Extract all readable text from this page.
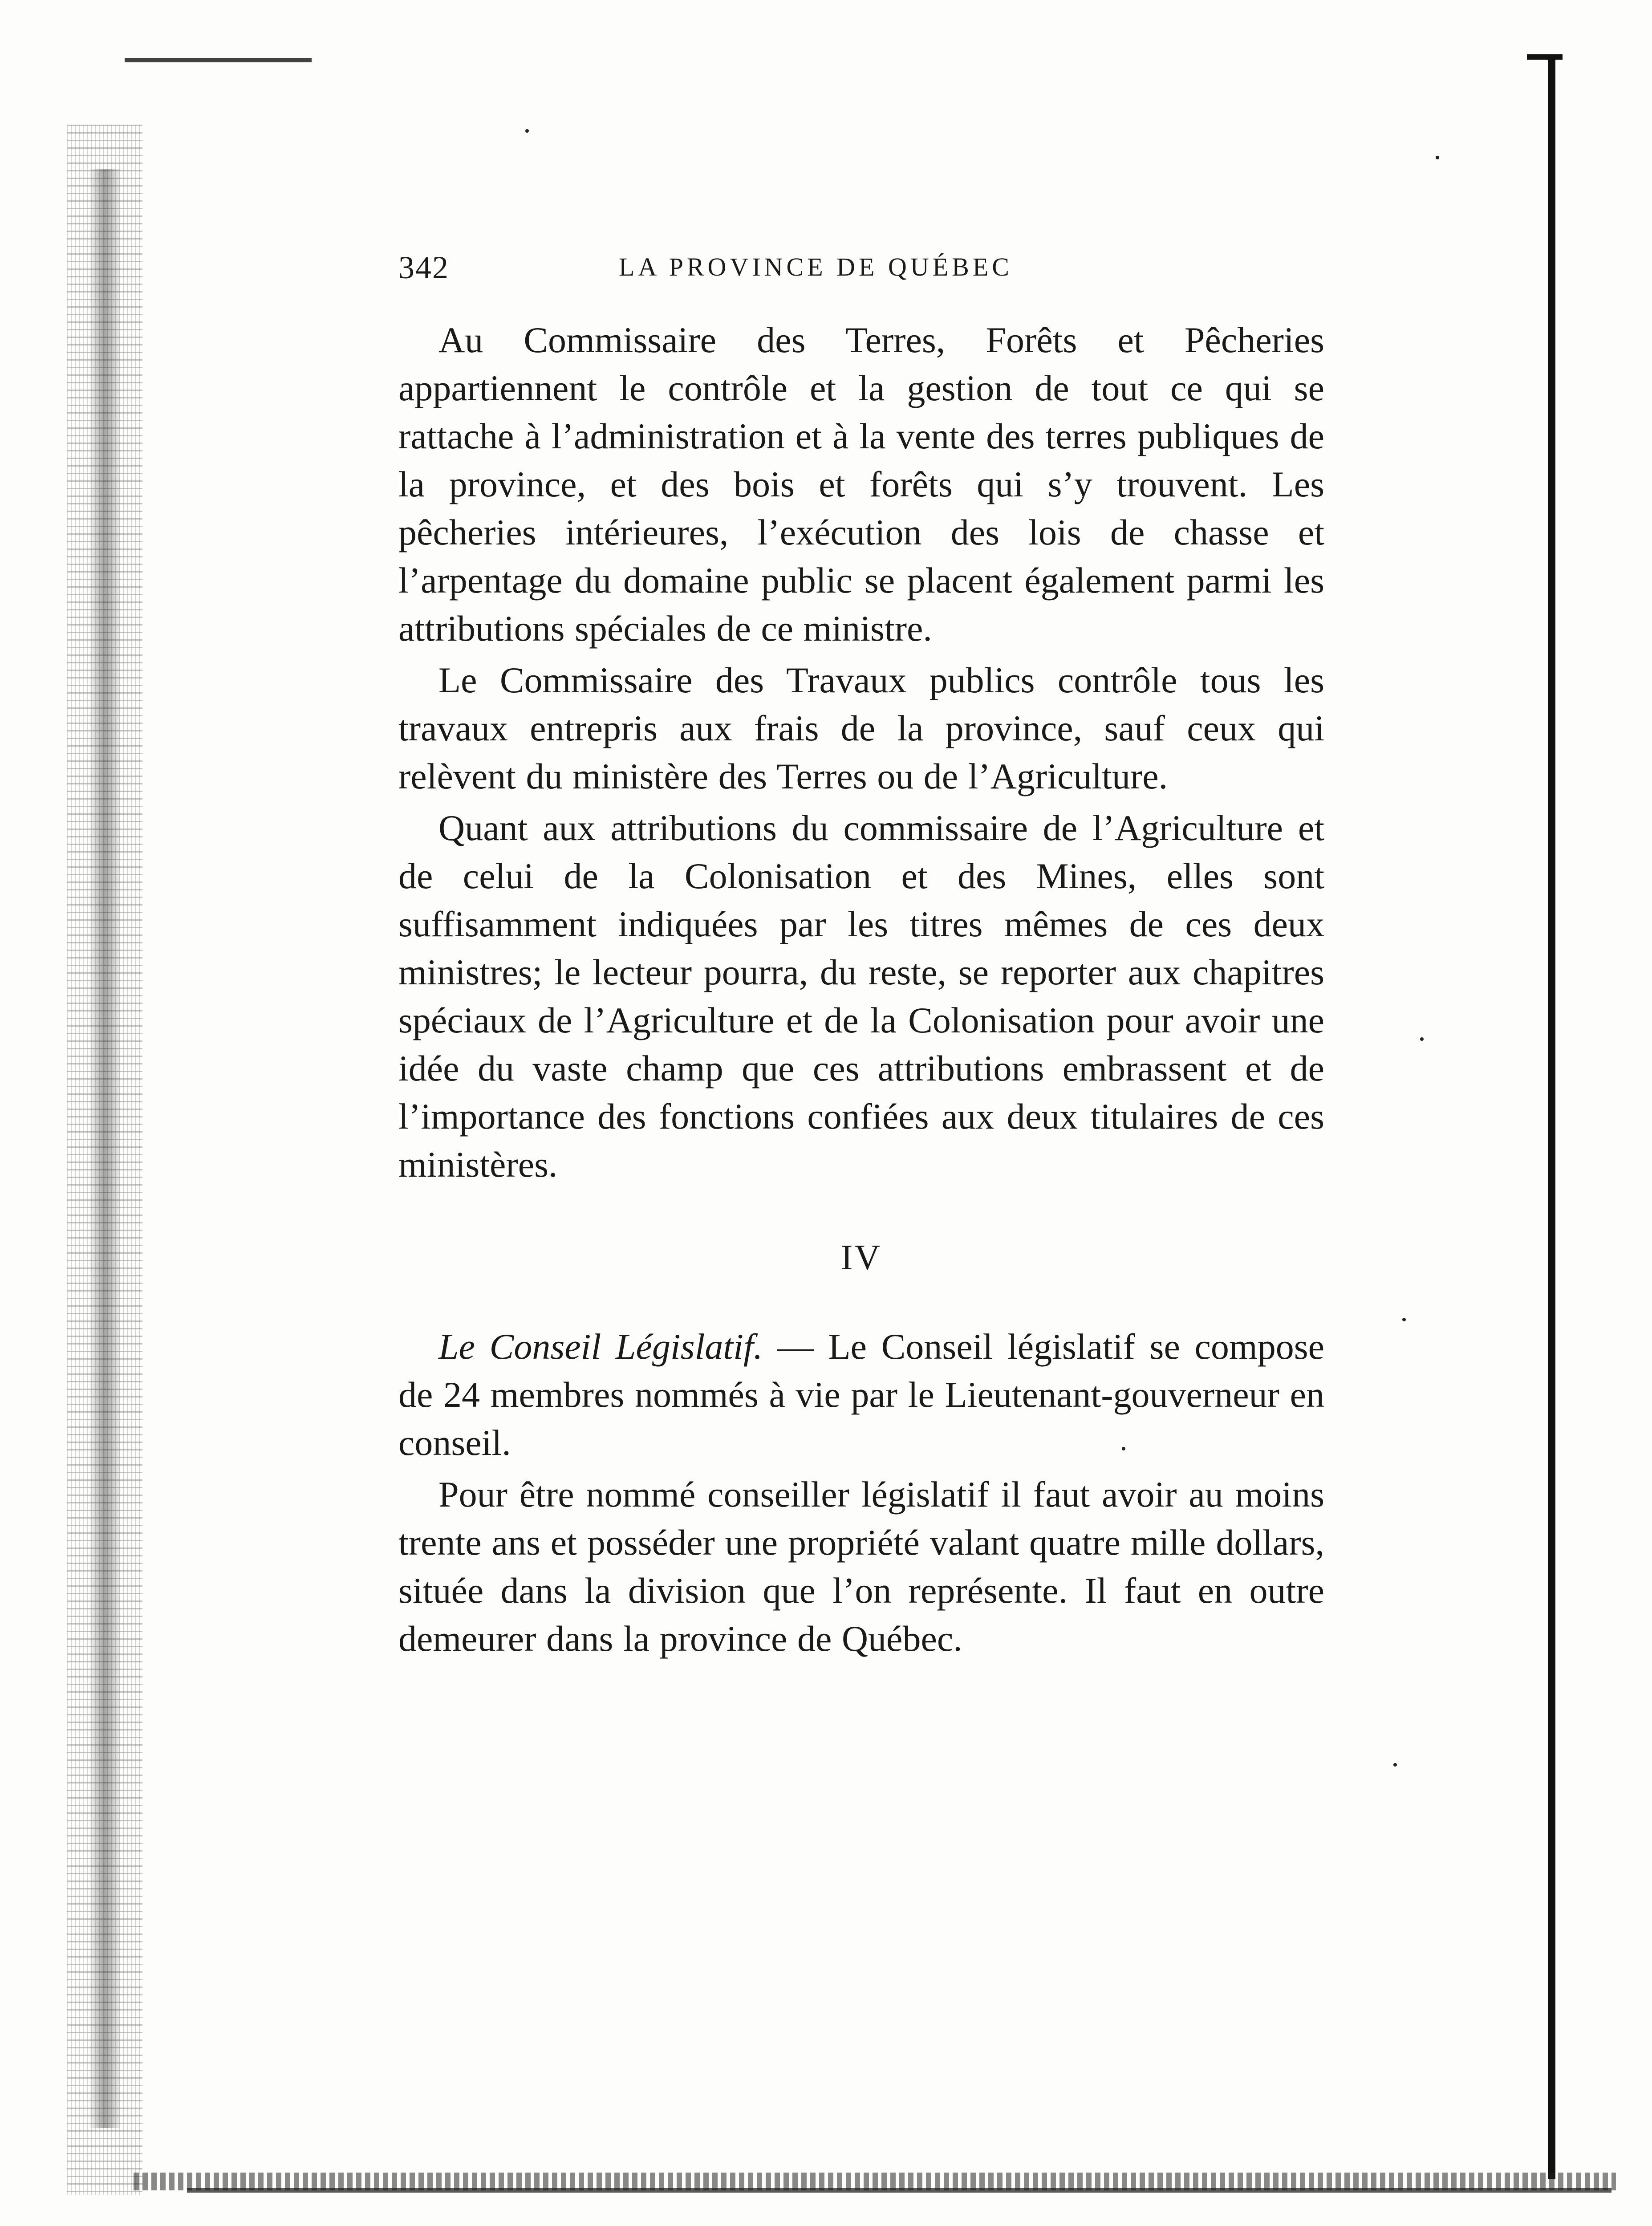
342	LA PROVINCE DE QUÉBEC

Au Commissaire des Terres, Forêts et Pêcheries appartiennent le contrôle et la gestion de tout ce qui se rattache à l’administration et à la vente des terres publiques de la province, et des bois et forêts qui s’y trouvent. Les pêcheries intérieures, l’exécution des lois de chasse et l’arpentage du domaine public se placent également parmi les attributions spéciales de ce ministre.

Le Commissaire des Travaux publics contrôle tous les travaux entrepris aux frais de la province, sauf ceux qui relèvent du ministère des Terres ou de l’Agriculture.

Quant aux attributions du commissaire de l’Agriculture et de celui de la Colonisation et des Mines, elles sont suffisamment indiquées par les titres mêmes de ces deux ministres; le lecteur pourra, du reste, se reporter aux chapitres spéciaux de l’Agriculture et de la Colonisation pour avoir une idée du vaste champ que ces attributions embrassent et de l’importance des fonctions confiées aux deux titulaires de ces ministères.

IV

Le Conseil Législatif. — Le Conseil législatif se compose de 24 membres nommés à vie par le Lieutenant-gouverneur en conseil.

Pour être nommé conseiller législatif il faut avoir au moins trente ans et posséder une propriété valant quatre mille dollars, située dans la division que l’on représente. Il faut en outre demeurer dans la province de Québec.
